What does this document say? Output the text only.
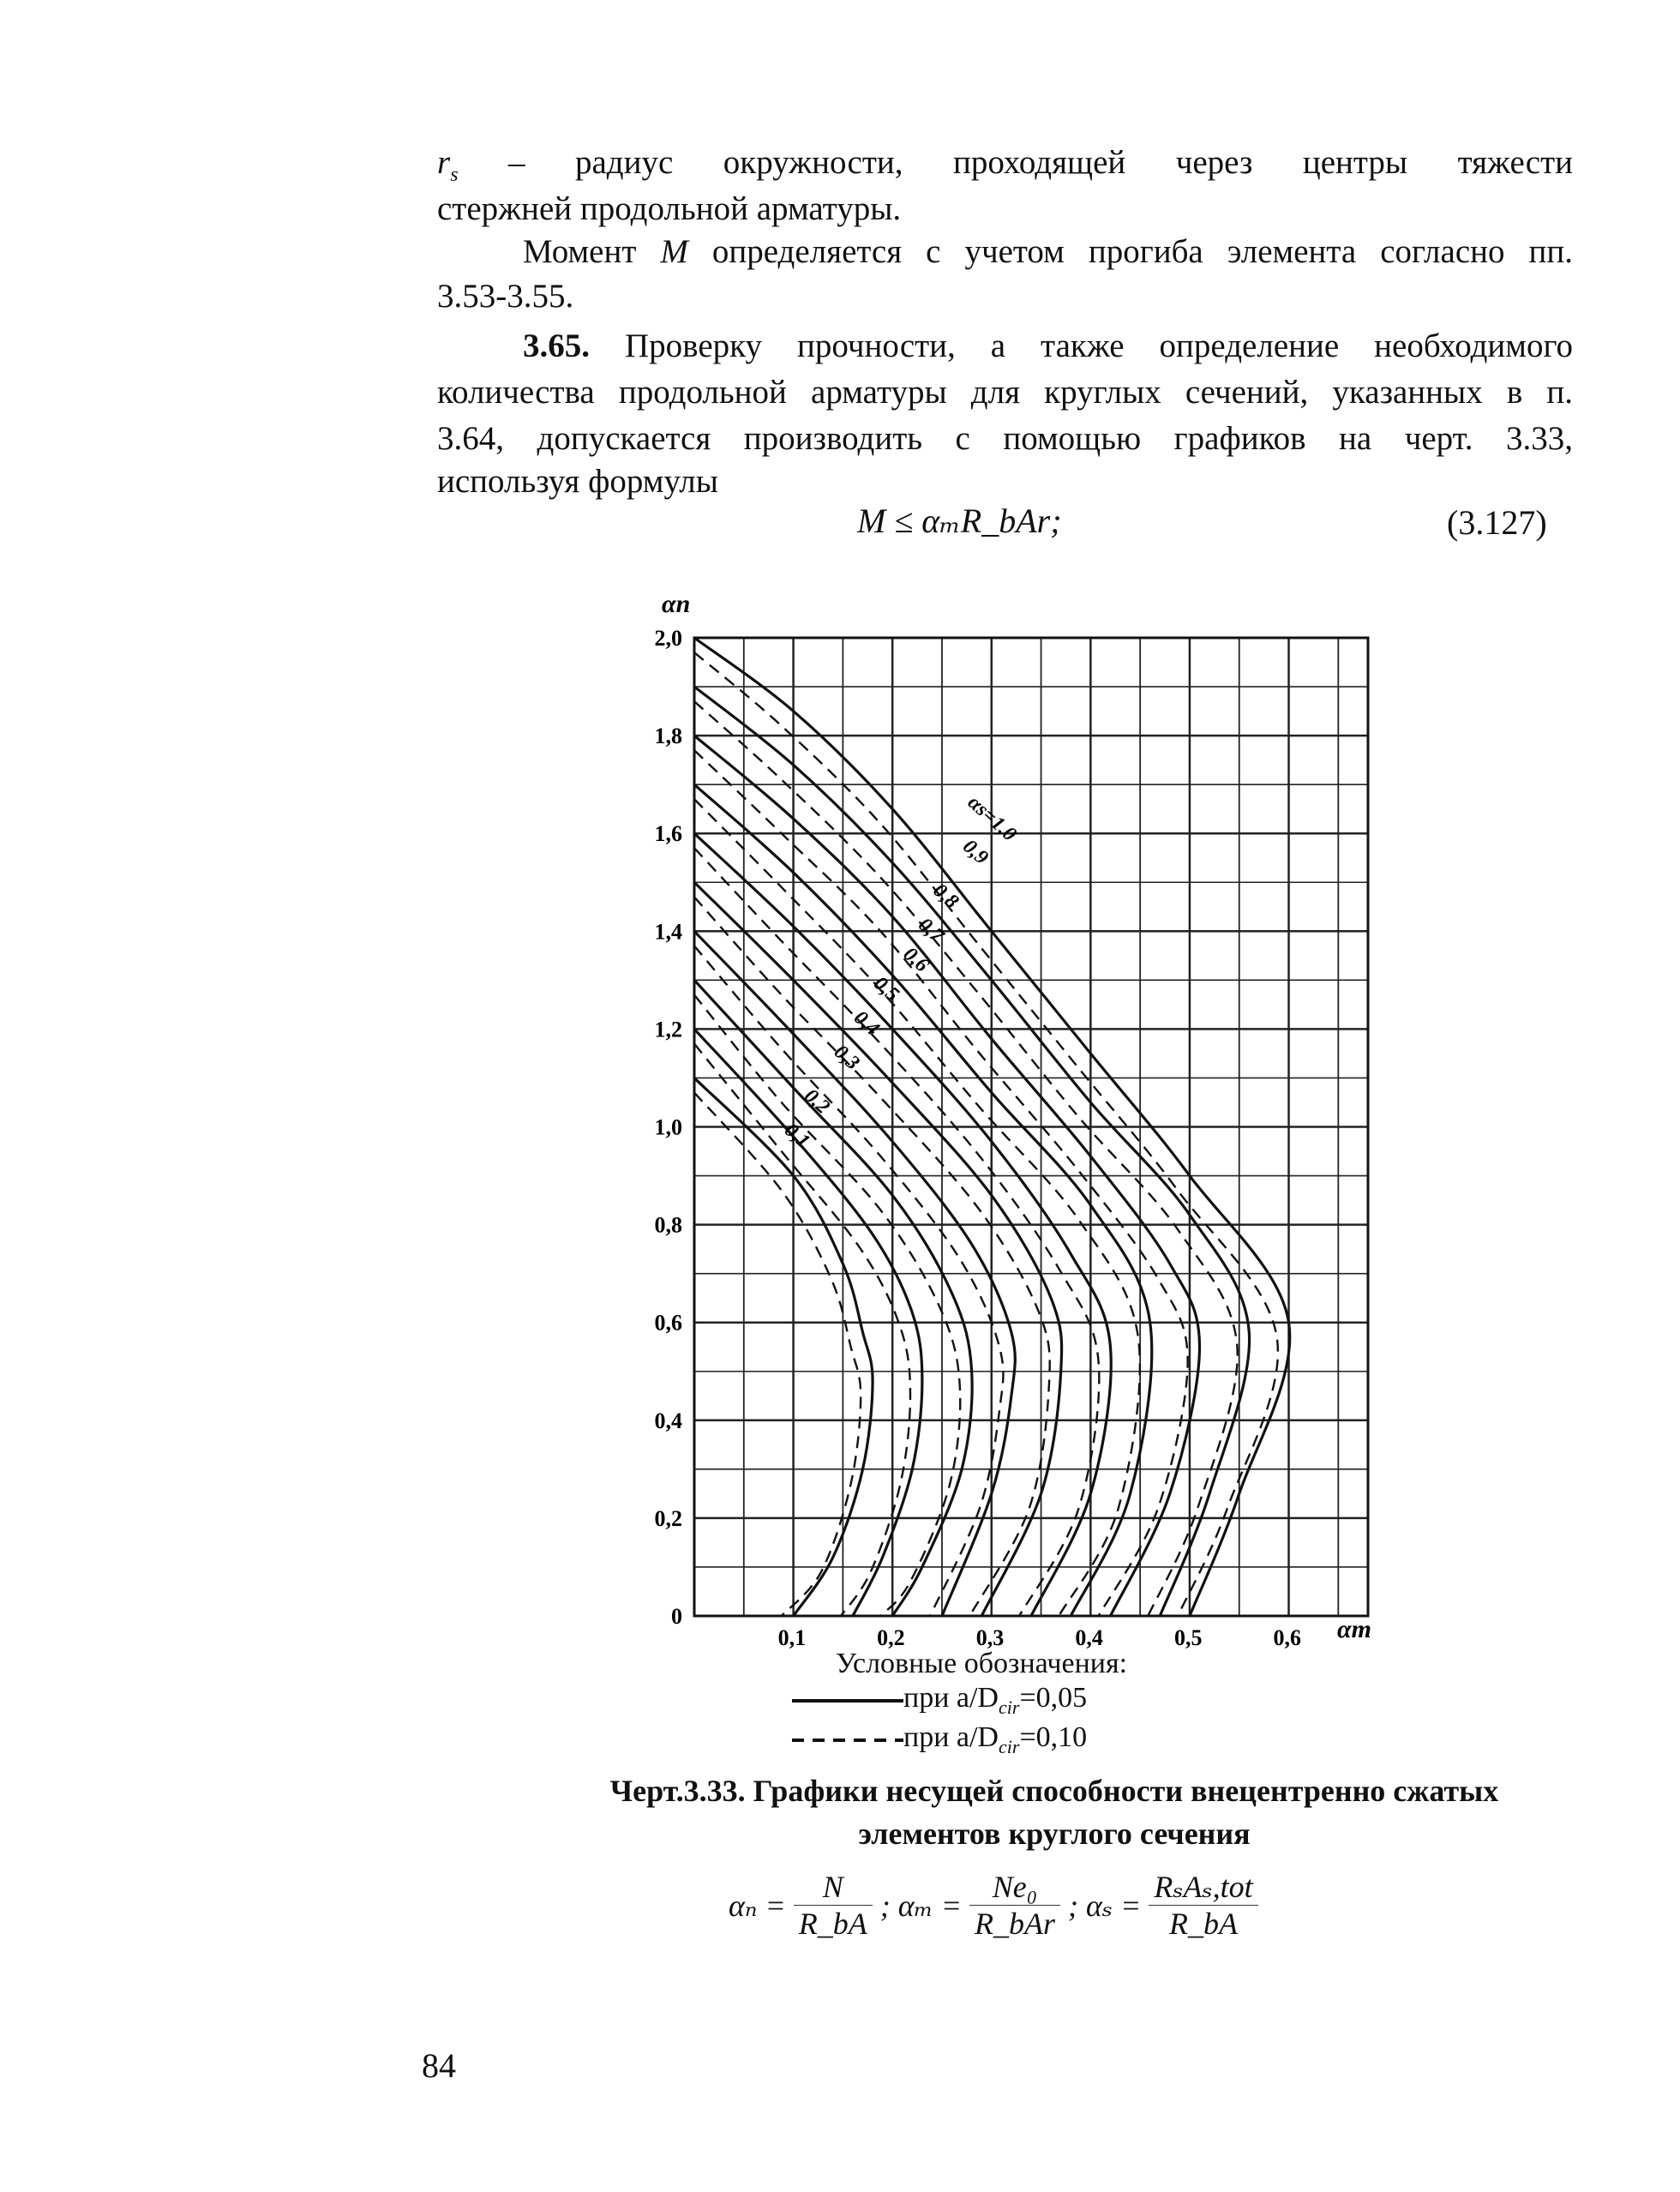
$r_s$ – радиус окружности, проходящей через центры тяжести
стержней продольной арматуры.
Момент M определяется с учетом прогиба элемента согласно пп.
3.53-3.55.
3.65. Проверку прочности, а также определение необходимого
количества продольной арматуры для круглых сечений, указанных в п.
3.64, допускается производить с помощью графиков на черт. 3.33,
используя формулы
M ≤ αₘR_bAr;	(3.127)
0,1	0,2	0,3	0,4	0,5	0,6
0
0,2
0,4
0,6
0,8
1,0
1,2
1,4
1,6
1,8
2,0
αs=1,0
0,9
0,8
0,7
0,6
0,5
0,4
0,3
0,2
0,1
αn
αm
Условные обозначения:
при $a/D_{cir}=0,05$
при $a/D_{cir}=0,10$
Черт.3.33. Графики несущей способности внецентренно сжатых
элементов круглого сечения
$\alpha_n = \frac{N}{R\_bA}$ ; $\alpha_m = \frac{\text{Ne₀}}{\text{R\_bAr}}$ ; $\alpha_s = \frac{\text{RₛAₛ,tot}}{R\_bA}$
84
